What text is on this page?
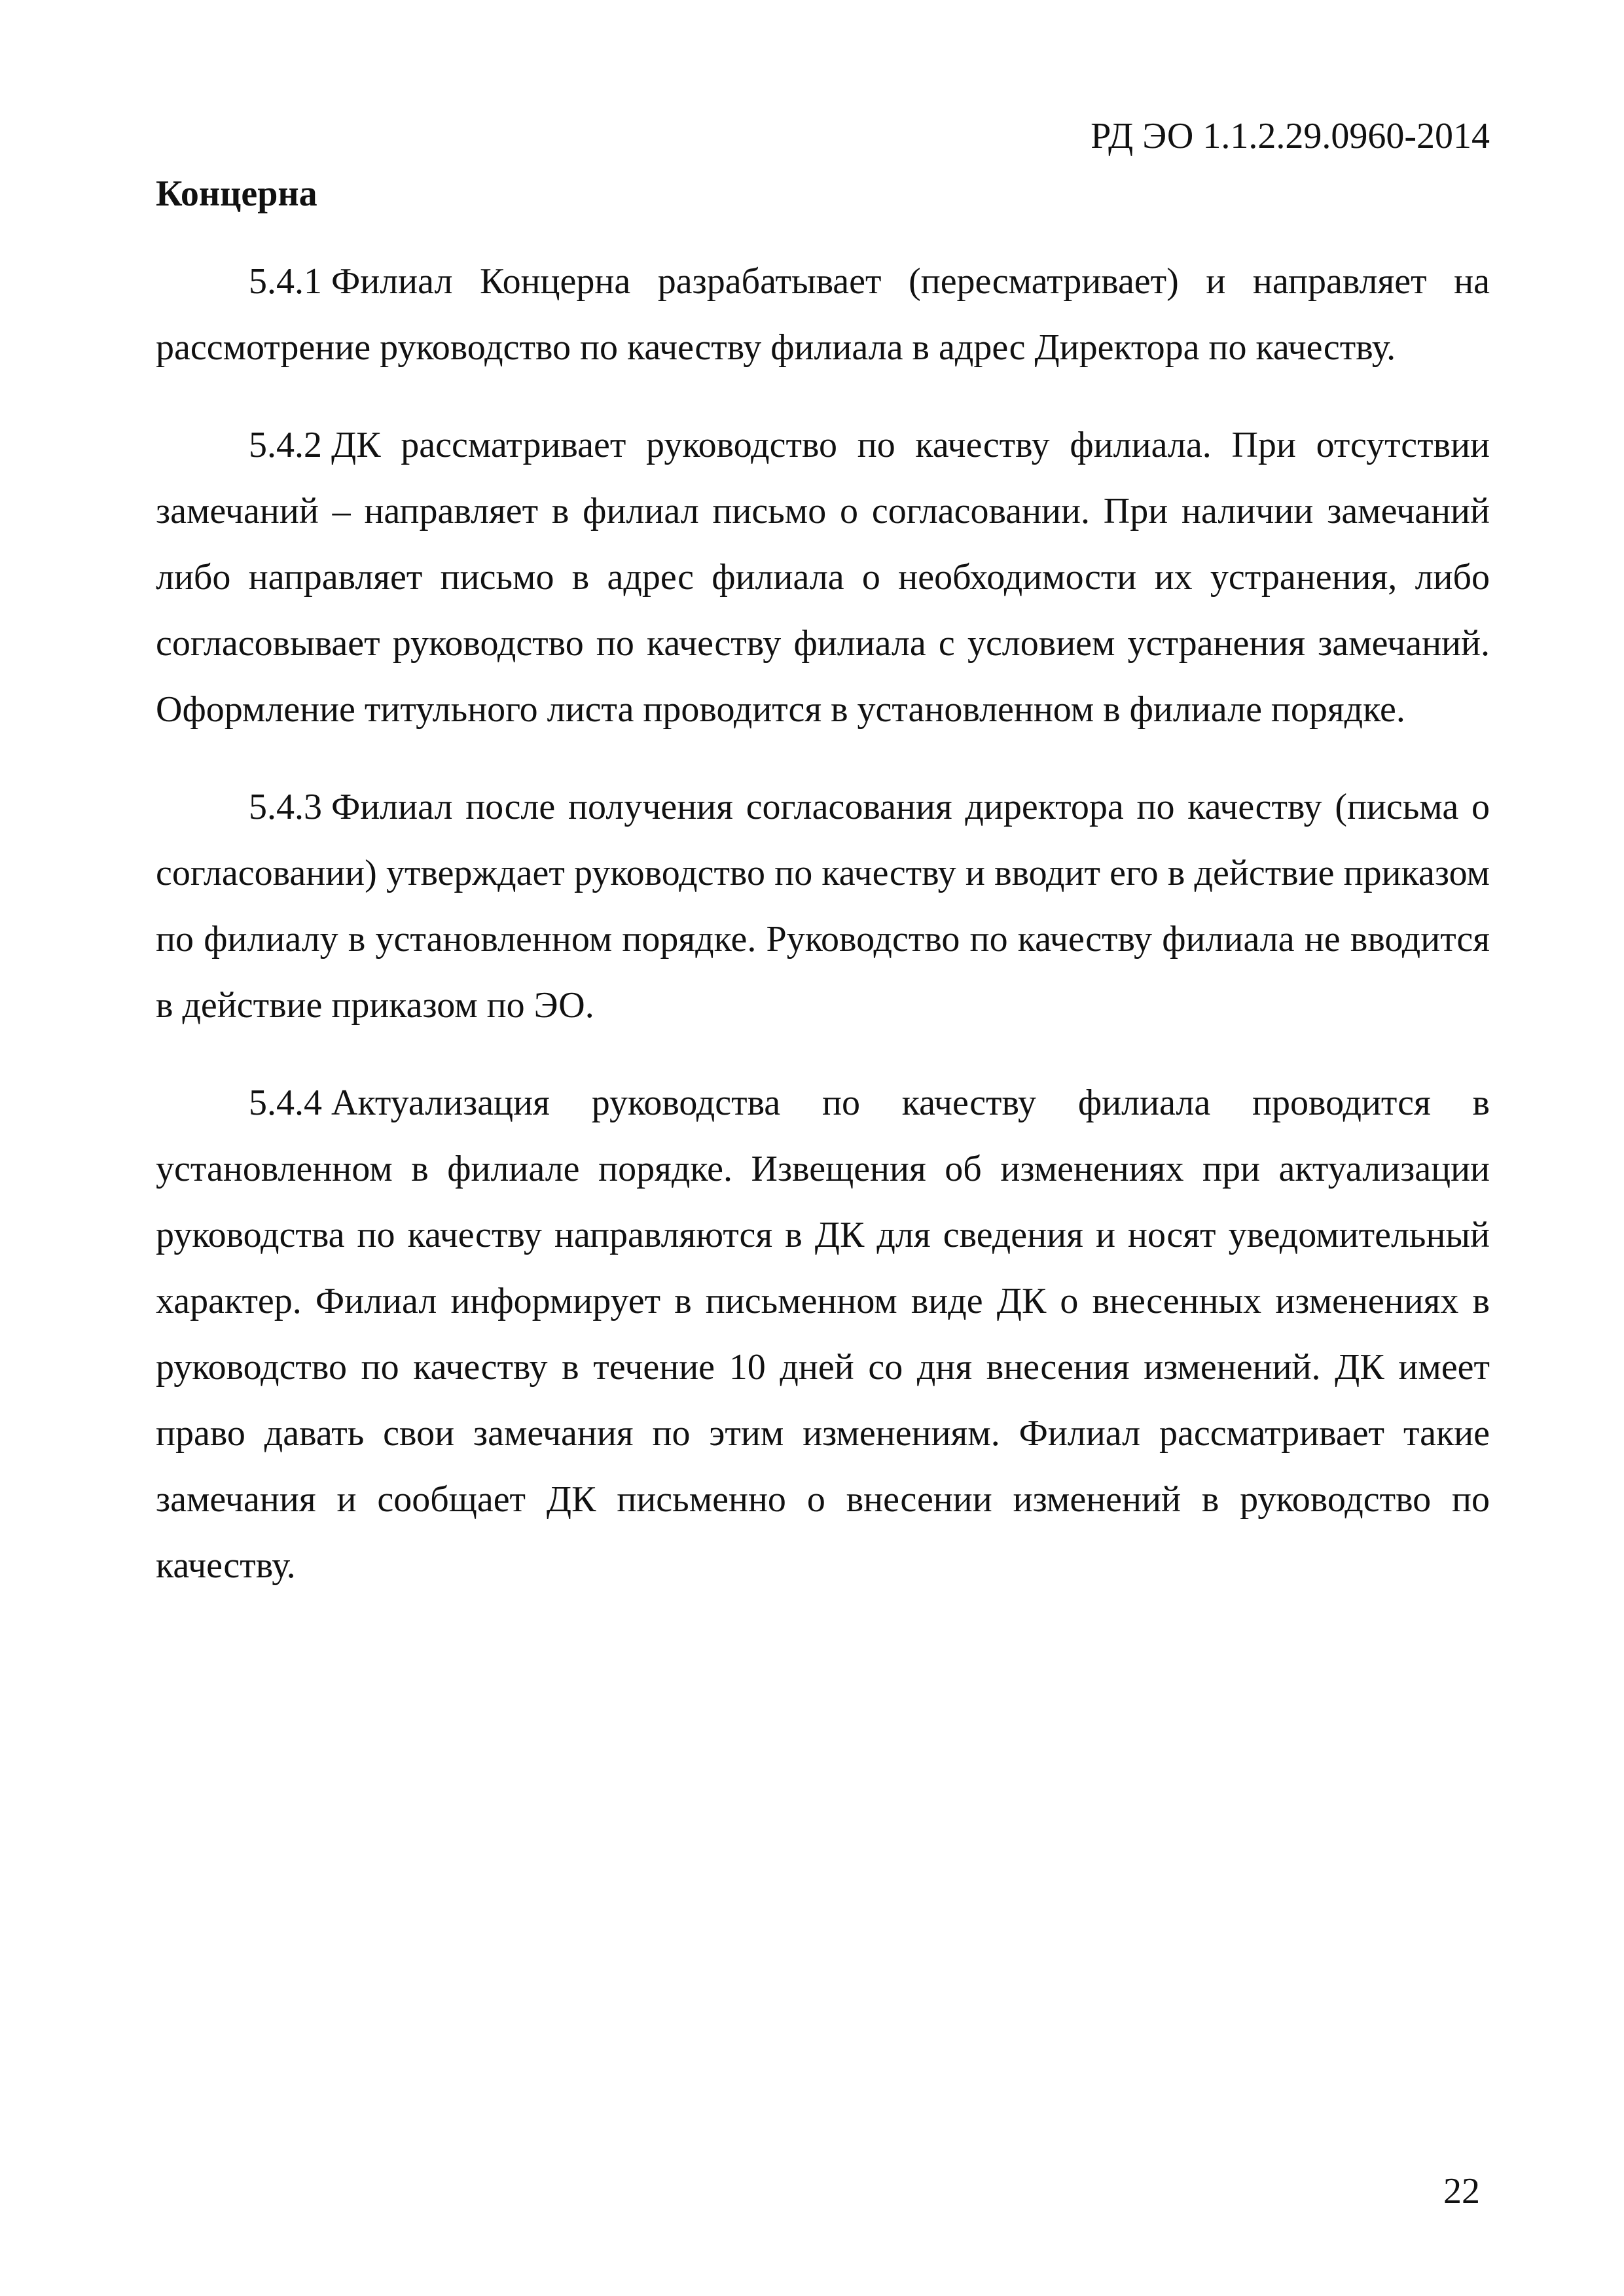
РД ЭО 1.1.2.29.0960-2014
Концерна

5.4.1 Филиал Концерна разрабатывает (пересматривает) и направляет на рассмотрение руководство по качеству филиала в адрес Директора по качеству.

5.4.2 ДК рассматривает руководство по качеству филиала. При отсутствии замечаний – направляет в филиал письмо о согласовании. При наличии замечаний либо направляет письмо в адрес филиала о необходимости их устранения, либо согласовывает руководство по качеству филиала с условием устранения замечаний. Оформление титульного листа проводится в установленном в филиале порядке.

5.4.3 Филиал после получения согласования директора по качеству (письма о согласовании) утверждает руководство по качеству и вводит его в действие приказом по филиалу в установленном порядке. Руководство по качеству филиала не вводится в действие приказом по ЭО.

5.4.4 Актуализация руководства по качеству филиала проводится в установленном в филиале порядке. Извещения об изменениях при актуализации руководства по качеству направляются в ДК для сведения и носят уведомительный характер. Филиал информирует в письменном виде ДК о внесенных изменениях в руководство по качеству в течение 10 дней со дня внесения изменений. ДК имеет право давать свои замечания по этим изменениям. Филиал рассматривает такие замечания и сообщает ДК письменно о внесении изменений в руководство по качеству.

22
